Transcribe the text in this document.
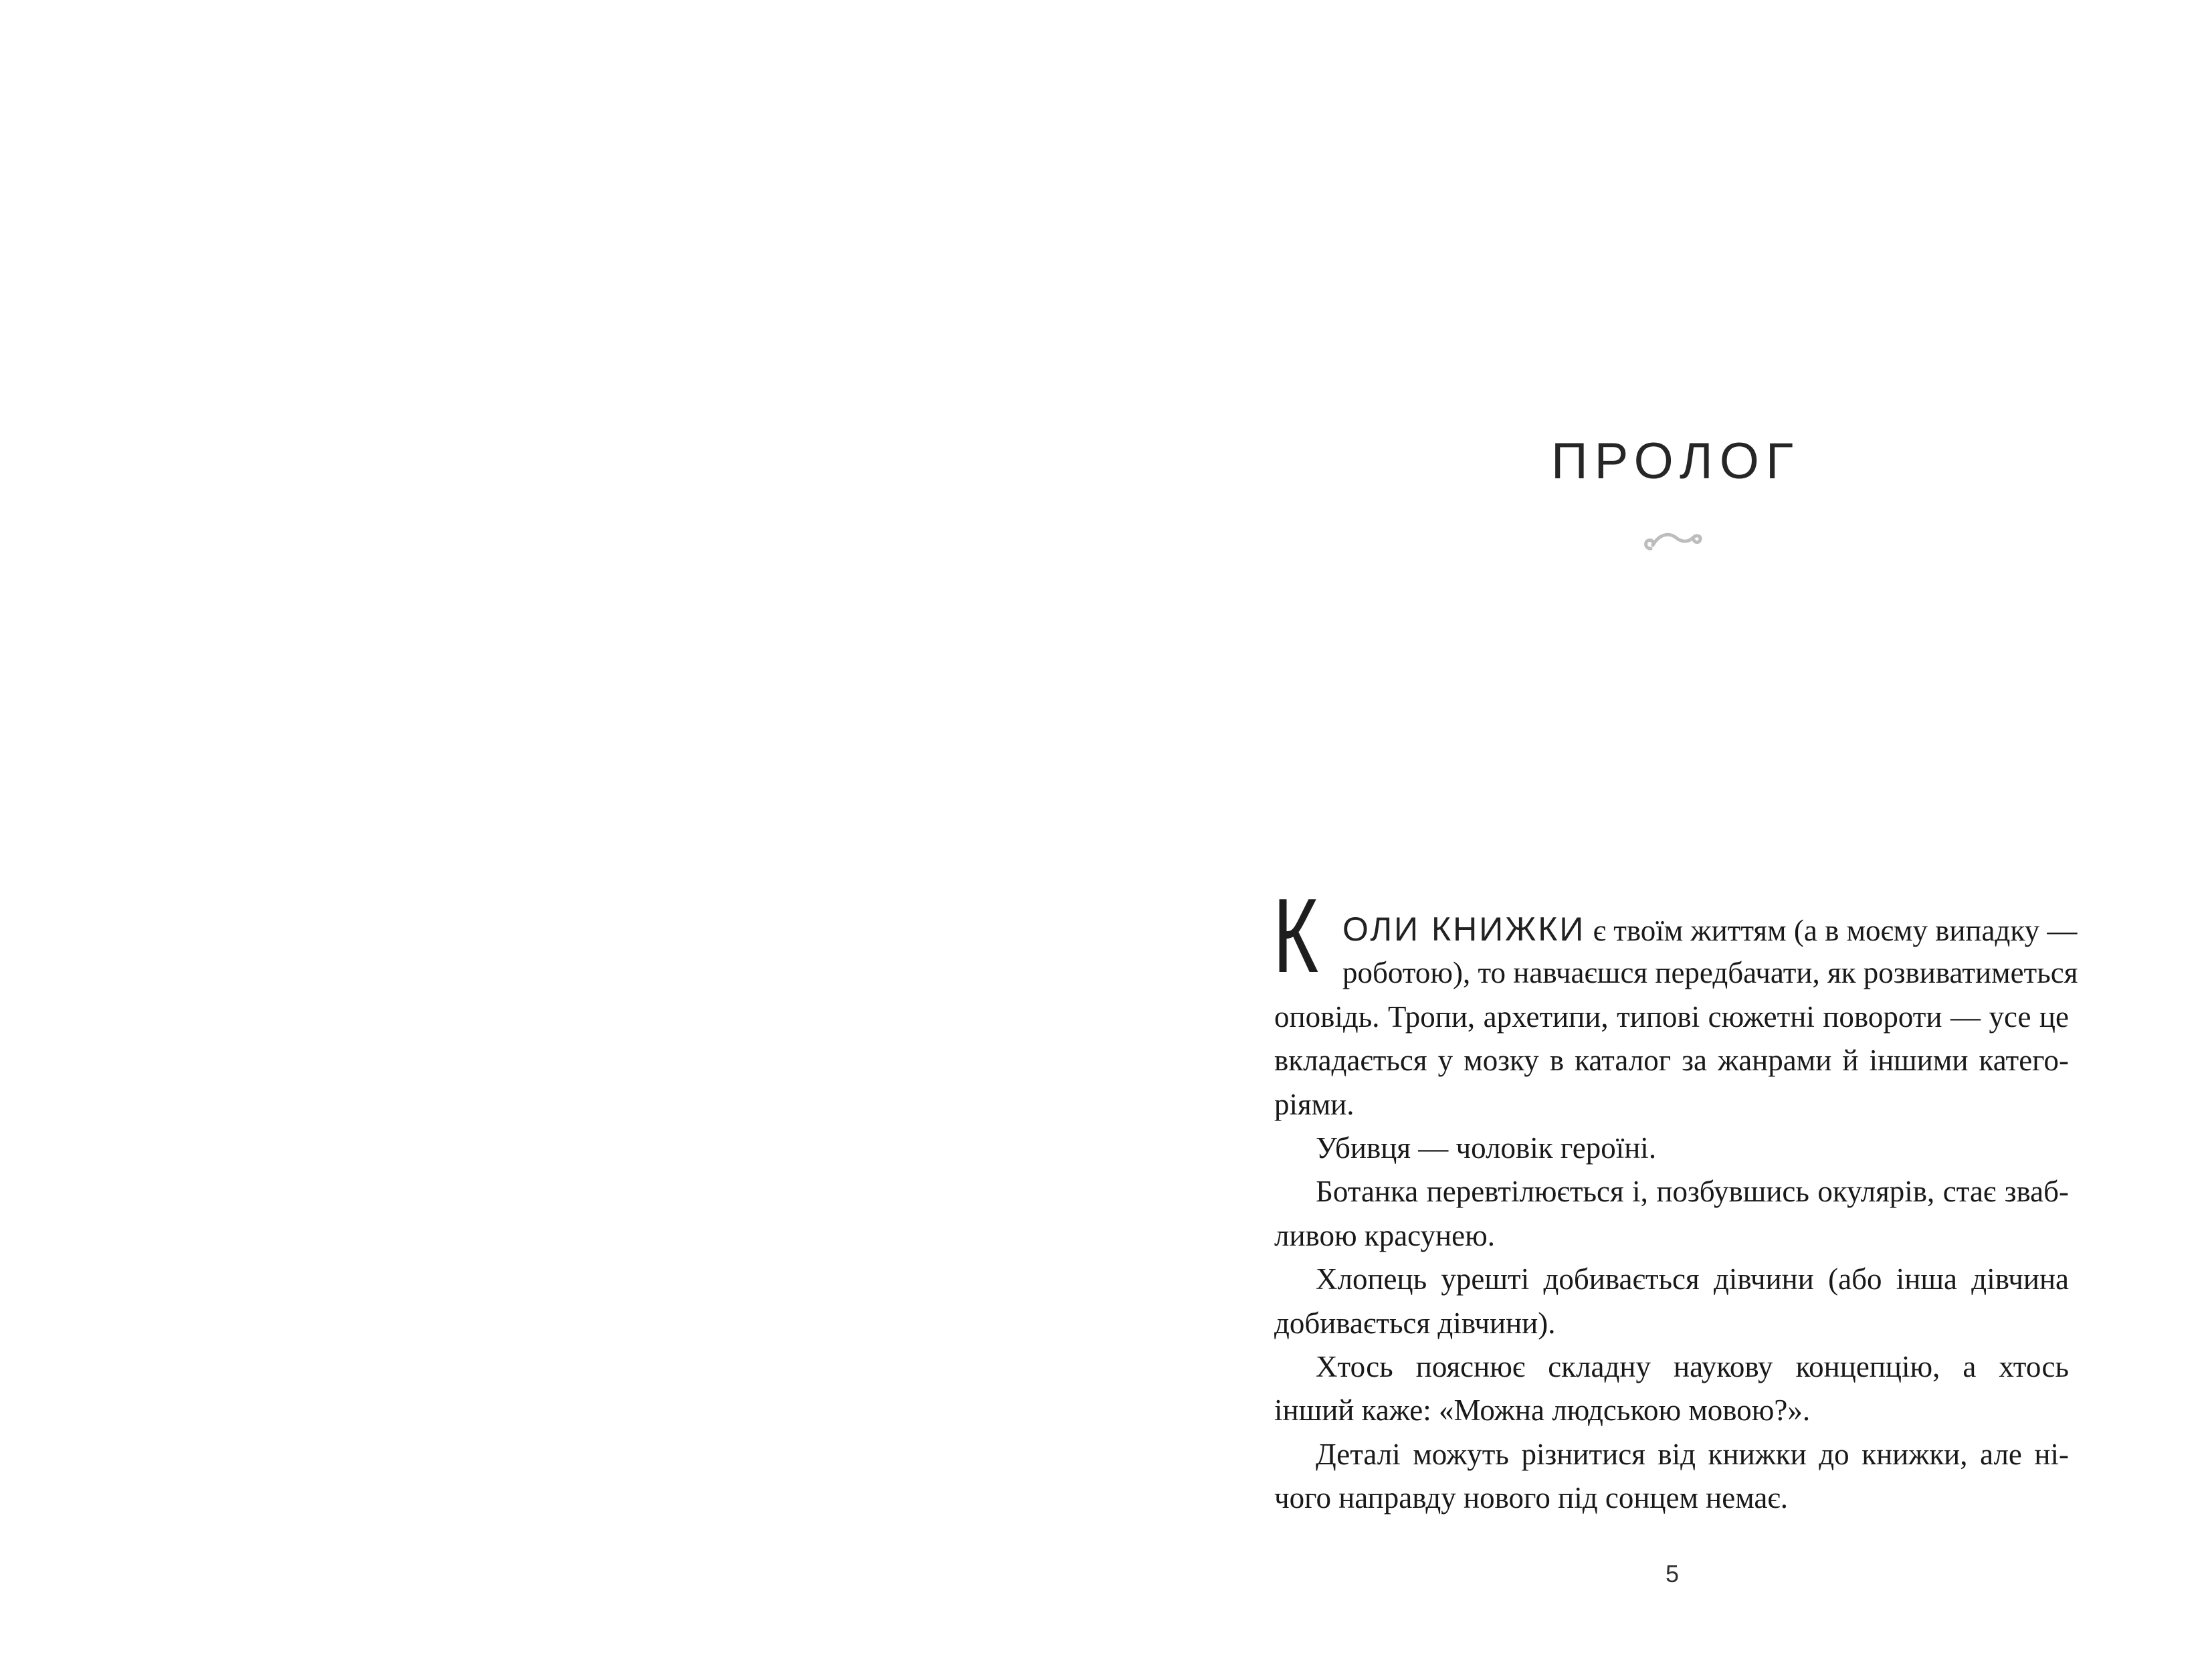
ПРОЛОГ
К ОЛИ КНИЖКИ є твоїм життям (а в моєму випадку —
роботою), то навчаєшся передбачати, як розвиватиметься
оповідь. Тропи, архетипи, типові сюжетні повороти — усе це
вкладається у мозку в каталог за жанрами й іншими катего-
ріями.
Убивця — чоловік героїні.
Ботанка перевтілюється і, позбувшись окулярів, стає зваб-
ливою красунею.
Хлопець урешті добивається дівчини (або інша дівчина
добивається дівчини).
Хтось пояснює складну наукову концепцію, а хтось
інший каже: «Можна людською мовою?».
Деталі можуть різнитися від книжки до книжки, але ні-
чого направду нового під сонцем немає.
5
